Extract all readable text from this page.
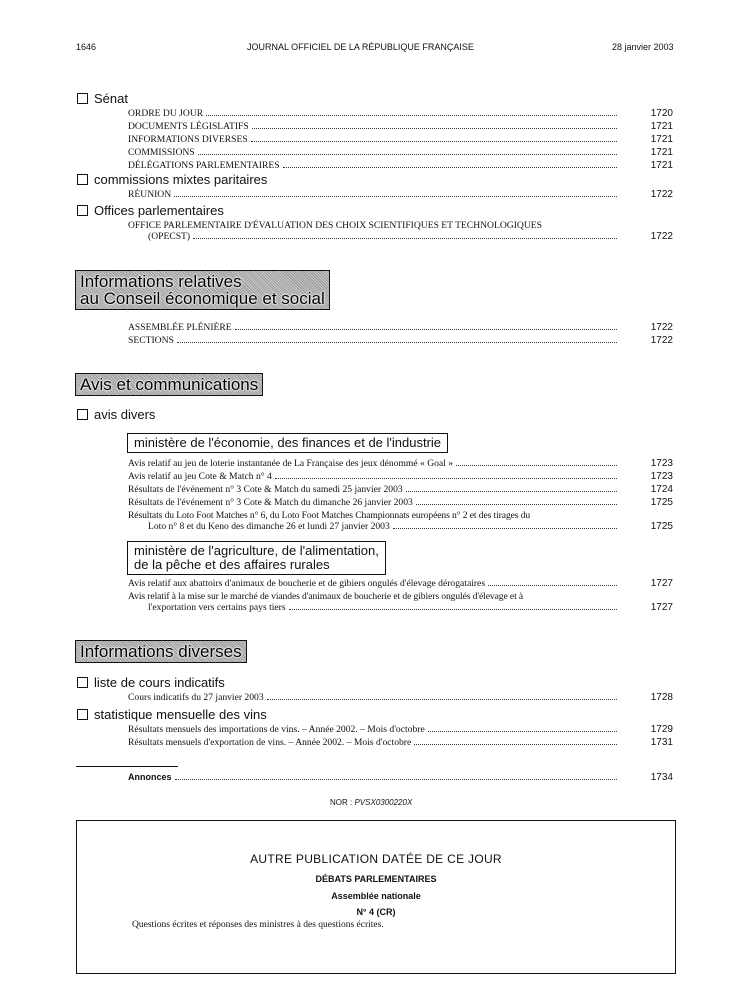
1646	JOURNAL OFFICIEL DE LA RÉPUBLIQUE FRANÇAISE	28 janvier 2003
Sénat
ORDRE DU JOUR	1720
DOCUMENTS LÉGISLATIFS	1721
INFORMATIONS DIVERSES	1721
COMMISSIONS	1721
DÉLÉGATIONS PARLEMENTAIRES	1721
commissions mixtes paritaires
RÉUNION	1722
Offices parlementaires
OFFICE PARLEMENTAIRE D'ÉVALUATION DES CHOIX SCIENTIFIQUES ET TECHNOLOGIQUES
(OPECST)	1722
Informations relatives
au Conseil économique et social
ASSEMBLÉE PLÉNIÈRE	1722
SECTIONS	1722
Avis et communications
avis divers
ministère de l'économie, des finances et de l'industrie
Avis relatif au jeu de loterie instantanée de La Française des jeux dénommé « Goal »	1723
Avis relatif au jeu Cote & Match n° 4	1723
Résultats de l'événement n° 3 Cote & Match du samedi 25 janvier 2003	1724
Résultats de l'événement n° 3 Cote & Match du dimanche 26 janvier 2003	1725
Résultats du Loto Foot Matches n° 6, du Loto Foot Matches Championnats européens n° 2 et des tirages du
Loto n° 8 et du Keno des dimanche 26 et lundi 27 janvier 2003	1725
ministère de l'agriculture, de l'alimentation,
de la pêche et des affaires rurales
Avis relatif aux abattoirs d'animaux de boucherie et de gibiers ongulés d'élevage dérogataires	1727
Avis relatif à la mise sur le marché de viandes d'animaux de boucherie et de gibiers ongulés d'élevage et à
l'exportation vers certains pays tiers	1727
Informations diverses
liste de cours indicatifs
Cours indicatifs du 27 janvier 2003	1728
statistique mensuelle des vins
Résultats mensuels des importations de vins. – Année 2002. – Mois d'octobre	1729
Résultats mensuels d'exportation de vins. – Année 2002. – Mois d'octobre	1731
Annonces	1734
NOR : PVSX0300220X
AUTRE PUBLICATION DATÉE DE CE JOUR
DÉBATS PARLEMENTAIRES
Assemblée nationale
N° 4 (CR)
Questions écrites et réponses des ministres à des questions écrites.
